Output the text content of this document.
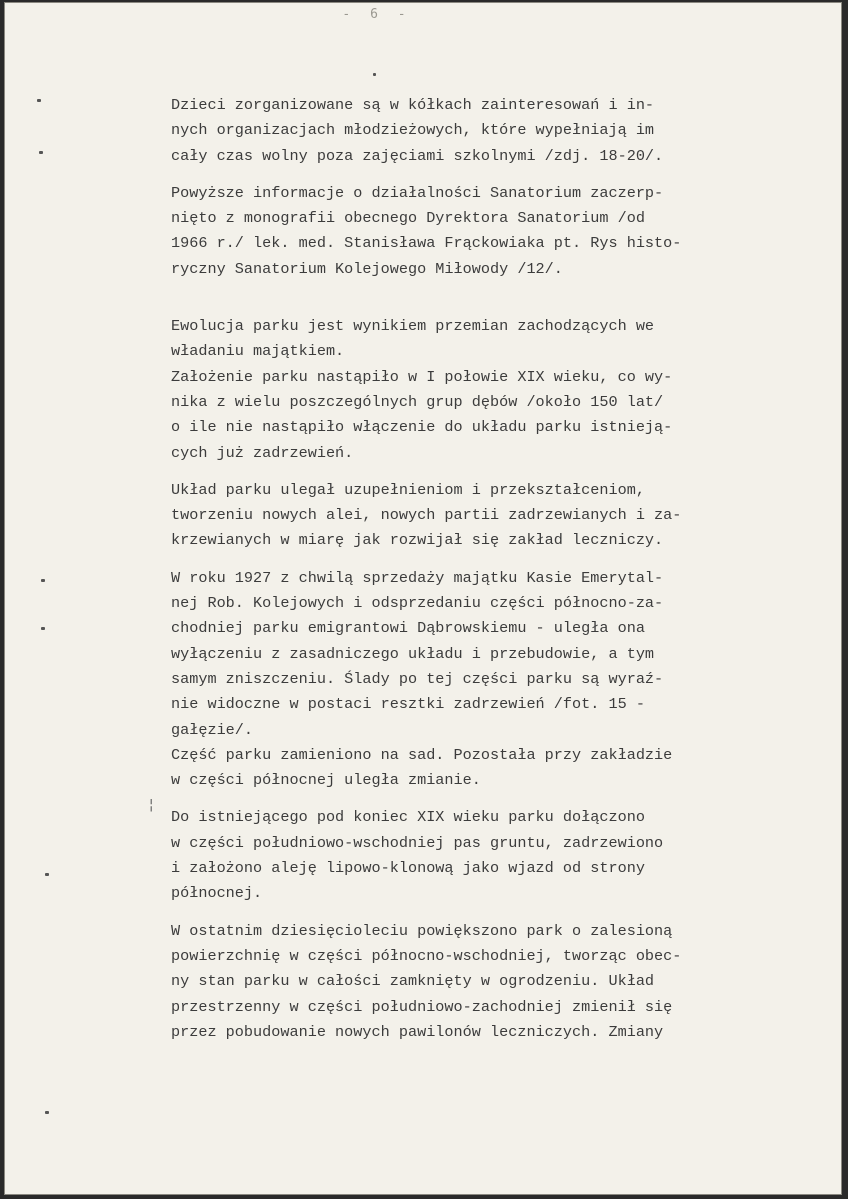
- 6 -
Dzieci zorganizowane są w kółkach zainteresowań i in-
nych organizacjach młodzieżowych, które wypełniają im
cały czas wolny poza zajęciami szkolnymi /zdj. 18-20/.
Powyższe informacje o działalności Sanatorium zaczerp-
nięto z monografii obecnego Dyrektora Sanatorium /od
1966 r./ lek. med. Stanisława Frąckowiaka pt. Rys histo-
ryczny Sanatorium Kolejowego Miłowody /12/.
Ewolucja parku jest wynikiem przemian zachodzących we
władaniu majątkiem.
Założenie parku nastąpiło w I połowie XIX wieku, co wy-
nika z wielu poszczególnych grup dębów /około 150 lat/
o ile nie nastąpiło włączenie do układu parku istnieją-
cych już zadrzewień.
Układ parku ulegał uzupełnieniom i przekształceniom,
tworzeniu nowych alei, nowych partii zadrzewianych i za-
krzewianych w miarę jak rozwijał się zakład leczniczy.
W roku 1927 z chwilą sprzedaży majątku Kasie Emerytal-
nej Rob. Kolejowych i odsprzedaniu części północno-za-
chodniej parku emigrantowi Dąbrowskiemu - uległa ona
wyłączeniu z zasadniczego układu i przebudowie, a tym
samym zniszczeniu. Ślady po tej części parku są wyraź-
nie widoczne w postaci resztki zadrzewień /fot. 15 -
gałęzie/.
Część parku zamieniono na sad. Pozostała przy zakładzie
w części północnej uległa zmianie.
Do istniejącego pod koniec XIX wieku parku dołączono
w części południowo-wschodniej pas gruntu, zadrzewiono
i założono aleję lipowo-klonową jako wjazd od strony
północnej.
W ostatnim dziesięcioleciu powiększono park o zalesioną
powierzchnię w części północno-wschodniej, tworząc obec-
ny stan parku w całości zamknięty w ogrodzeniu. Układ
przestrzenny w części południowo-zachodniej zmienił się
przez pobudowanie nowych pawilonów leczniczych. Zmiany
¦
